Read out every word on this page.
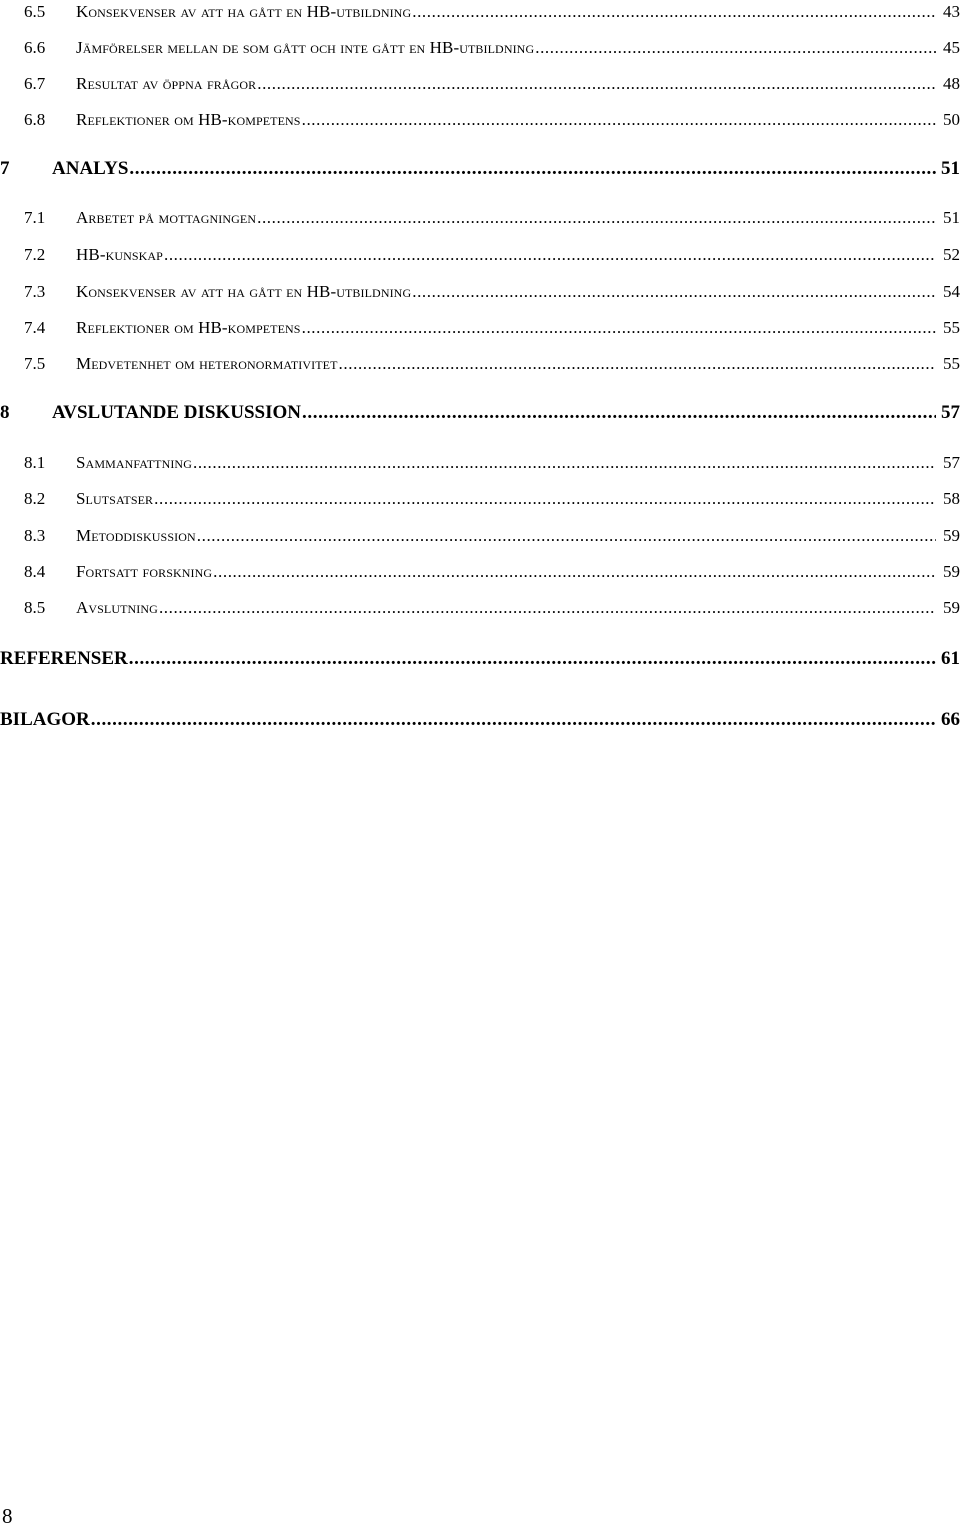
6.5	Konsekvenser av att ha gått en HB-utbildning .....	43
6.6	Jämförelser mellan de som gått och inte gått en HB-utbildning .....	45
6.7	Resultat av öppna frågor .....	48
6.8	Reflektioner om HB-kompetens .....	50
7	ANALYS .....	51
7.1	Arbetet på mottagningen .....	51
7.2	HB-kunskap .....	52
7.3	Konsekvenser av att ha gått en HB-utbildning .....	54
7.4	Reflektioner om HB-kompetens .....	55
7.5	Medvetenhet om heteronormativitet .....	55
8	AVSLUTANDE DISKUSSION .....	57
8.1	Sammanfattning .....	57
8.2	Slutsatser .....	58
8.3	Metoddiskussion .....	59
8.4	Fortsatt forskning .....	59
8.5	Avslutning .....	59
REFERENSER .....	61
BILAGOR .....	66
8
